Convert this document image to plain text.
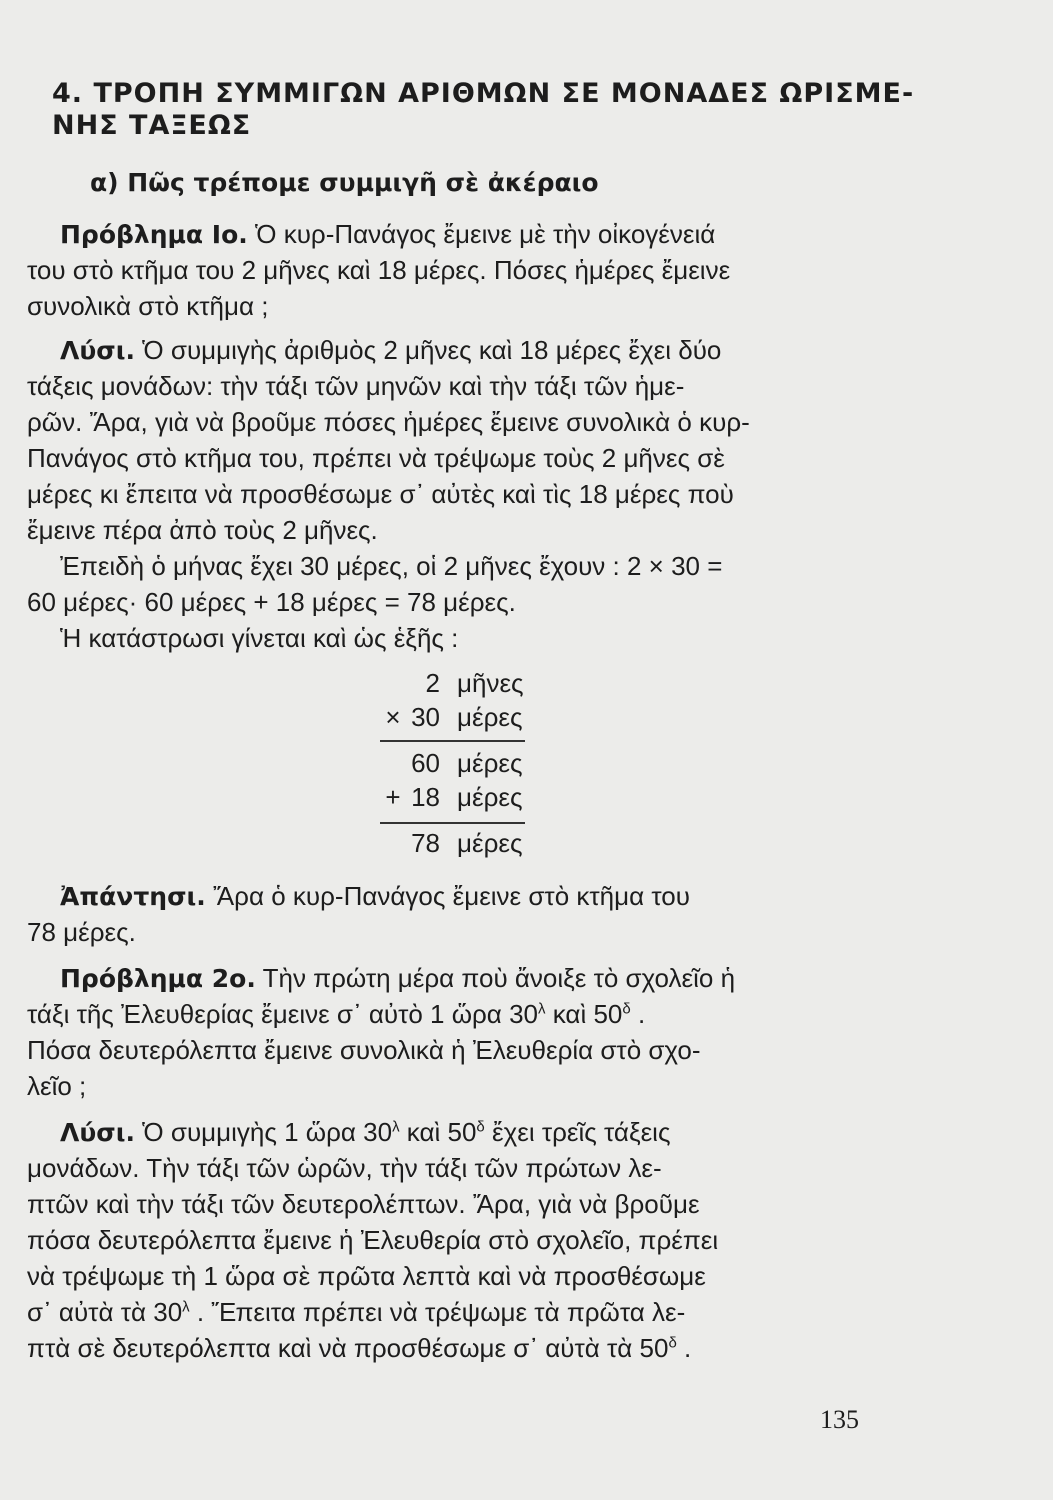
4. ΤΡΟΠΗ ΣΥΜΜΙΓΩΝ ΑΡΙΘΜΩΝ ΣΕ ΜΟΝΑΔΕΣ ΩΡΙΣΜΕ-
ΝΗΣ ΤΑΞΕΩΣ
α) Πῶς τρέπομε συμμιγῆ σὲ ἀκέραιο
Πρόβλημα Ιο. Ὁ κυρ-Πανάγος ἔμεινε μὲ τὴν οἰκογένειά
του στὸ κτῆμα του 2 μῆνες καὶ 18 μέρες. Πόσες ἡμέρες ἔμεινε
συνολικὰ στὸ κτῆμα ;
Λύσι. Ὁ συμμιγὴς ἀριθμὸς 2 μῆνες καὶ 18 μέρες ἔχει δύο
τάξεις μονάδων: τὴν τάξι τῶν μηνῶν καὶ τὴν τάξι τῶν ἡμε-
ρῶν. Ἄρα, γιὰ νὰ βροῦμε πόσες ἡμέρες ἔμεινε συνολικὰ ὁ κυρ-
Πανάγος στὸ κτῆμα του, πρέπει νὰ τρέψωμε τοὺς 2 μῆνες σὲ
μέρες κι ἔπειτα νὰ προσθέσωμε σ᾽ αὐτὲς καὶ τὶς 18 μέρες ποὺ
ἔμεινε πέρα ἀπὸ τοὺς 2 μῆνες.
Ἐπειδὴ ὁ μήνας ἔχει 30 μέρες, οἱ 2 μῆνες ἔχουν : 2 × 30 =
60 μέρες· 60 μέρες + 18 μέρες = 78 μέρες.
Ἡ κατάστρωσι γίνεται καὶ ὡς ἑξῆς :
2 μῆνες
× 30 μέρες
60 μέρες
+ 18 μέρες
78 μέρες
Ἀπάντησι. Ἄρα ὁ κυρ-Πανάγος ἔμεινε στὸ κτῆμα του
78 μέρες.
Πρόβλημα 2ο. Τὴν πρώτη μέρα ποὺ ἄνοιξε τὸ σχολεῖο ἡ
τάξι τῆς Ἐλευθερίας ἔμεινε σ᾽ αὐτὸ 1 ὥρα $30^\lambda$ καὶ $50^\delta$ .
Πόσα δευτερόλεπτα ἔμεινε συνολικὰ ἡ Ἐλευθερία στὸ σχο-
λεῖο ;
Λύσι. Ὁ συμμιγὴς 1 ὥρα $30^\lambda$ καὶ $50^\delta$ ἔχει τρεῖς τάξεις
μονάδων. Τὴν τάξι τῶν ὡρῶν, τὴν τάξι τῶν πρώτων λε-
πτῶν καὶ τὴν τάξι τῶν δευτερολέπτων. Ἄρα, γιὰ νὰ βροῦμε
πόσα δευτερόλεπτα ἔμεινε ἡ Ἐλευθερία στὸ σχολεῖο, πρέπει
νὰ τρέψωμε τὴ 1 ὥρα σὲ πρῶτα λεπτὰ καὶ νὰ προσθέσωμε
σ᾽ αὐτὰ τὰ $30^\lambda$ . Ἔπειτα πρέπει νὰ τρέψωμε τὰ πρῶτα λε-
πτὰ σὲ δευτερόλεπτα καὶ νὰ προσθέσωμε σ᾽ αὐτὰ τὰ $50^\delta$ .
135
